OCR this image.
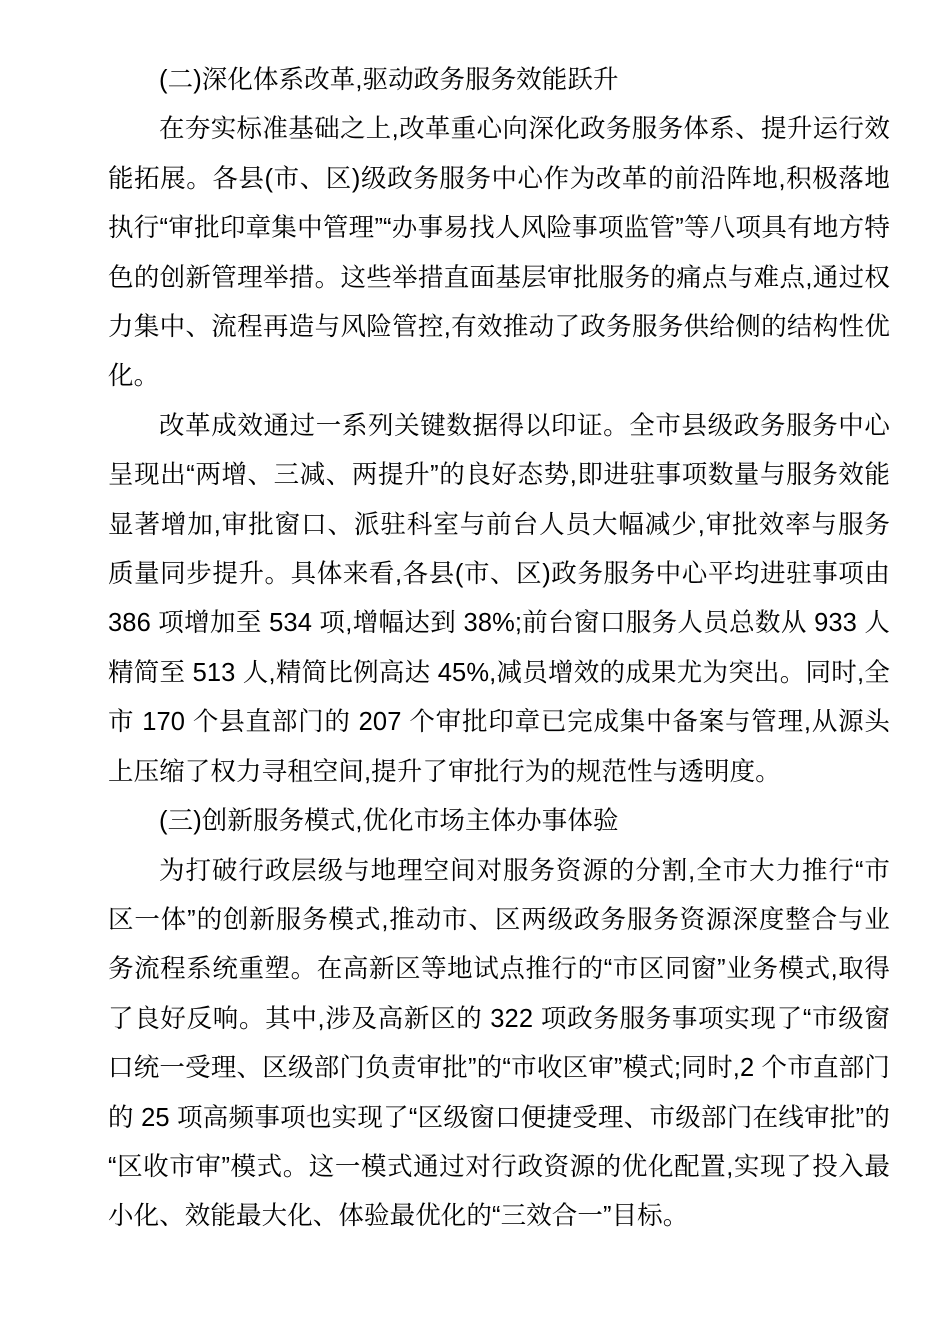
(二)深化体系改革,驱动政务服务效能跃升

在夯实标准基础之上,改革重心向深化政务服务体系、提升运行效能拓展。各县(市、区)级政务服务中心作为改革的前沿阵地,积极落地执行“审批印章集中管理”“办事易找人风险事项监管”等八项具有地方特色的创新管理举措。这些举措直面基层审批服务的痛点与难点,通过权力集中、流程再造与风险管控,有效推动了政务服务供给侧的结构性优化。

改革成效通过一系列关键数据得以印证。全市县级政务服务中心呈现出“两增、三减、两提升”的良好态势,即进驻事项数量与服务效能显著增加,审批窗口、派驻科室与前台人员大幅减少,审批效率与服务质量同步提升。具体来看,各县(市、区)政务服务中心平均进驻事项由 386 项增加至 534 项,增幅达到 38%;前台窗口服务人员总数从 933 人精简至 513 人,精简比例高达 45%,减员增效的成果尤为突出。同时,全市 170 个县直部门的 207 个审批印章已完成集中备案与管理,从源头上压缩了权力寻租空间,提升了审批行为的规范性与透明度。

(三)创新服务模式,优化市场主体办事体验

为打破行政层级与地理空间对服务资源的分割,全市大力推行“市区一体”的创新服务模式,推动市、区两级政务服务资源深度整合与业务流程系统重塑。在高新区等地试点推行的“市区同窗”业务模式,取得了良好反响。其中,涉及高新区的 322 项政务服务事项实现了“市级窗口统一受理、区级部门负责审批”的“市收区审”模式;同时,2 个市直部门的 25 项高频事项也实现了“区级窗口便捷受理、市级部门在线审批”的“区收市审”模式。这一模式通过对行政资源的优化配置,实现了投入最小化、效能最大化、体验最优化的“三效合一”目标。
